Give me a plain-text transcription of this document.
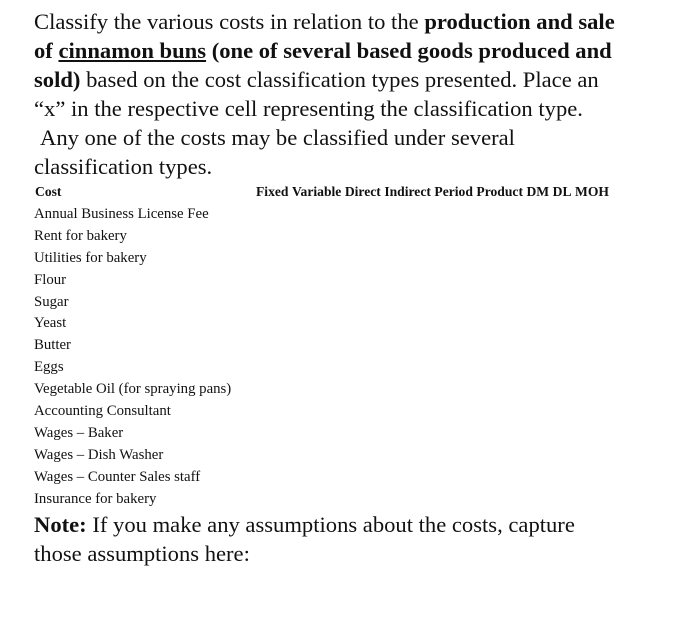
Classify the various costs in relation to the production and sale
of cinnamon buns (one of several based goods produced and
sold) based on the cost classification types presented. Place an
“x” in the respective cell representing the classification type.
Any one of the costs may be classified under several
classification types.
Cost	Fixed Variable Direct Indirect Period Product DM DL MOH
Annual Business License Fee
Rent for bakery
Utilities for bakery
Flour
Sugar
Yeast
Butter
Eggs
Vegetable Oil (for spraying pans)
Accounting Consultant
Wages – Baker
Wages – Dish Washer
Wages – Counter Sales staff
Insurance for bakery
Note: If you make any assumptions about the costs, capture
those assumptions here:
